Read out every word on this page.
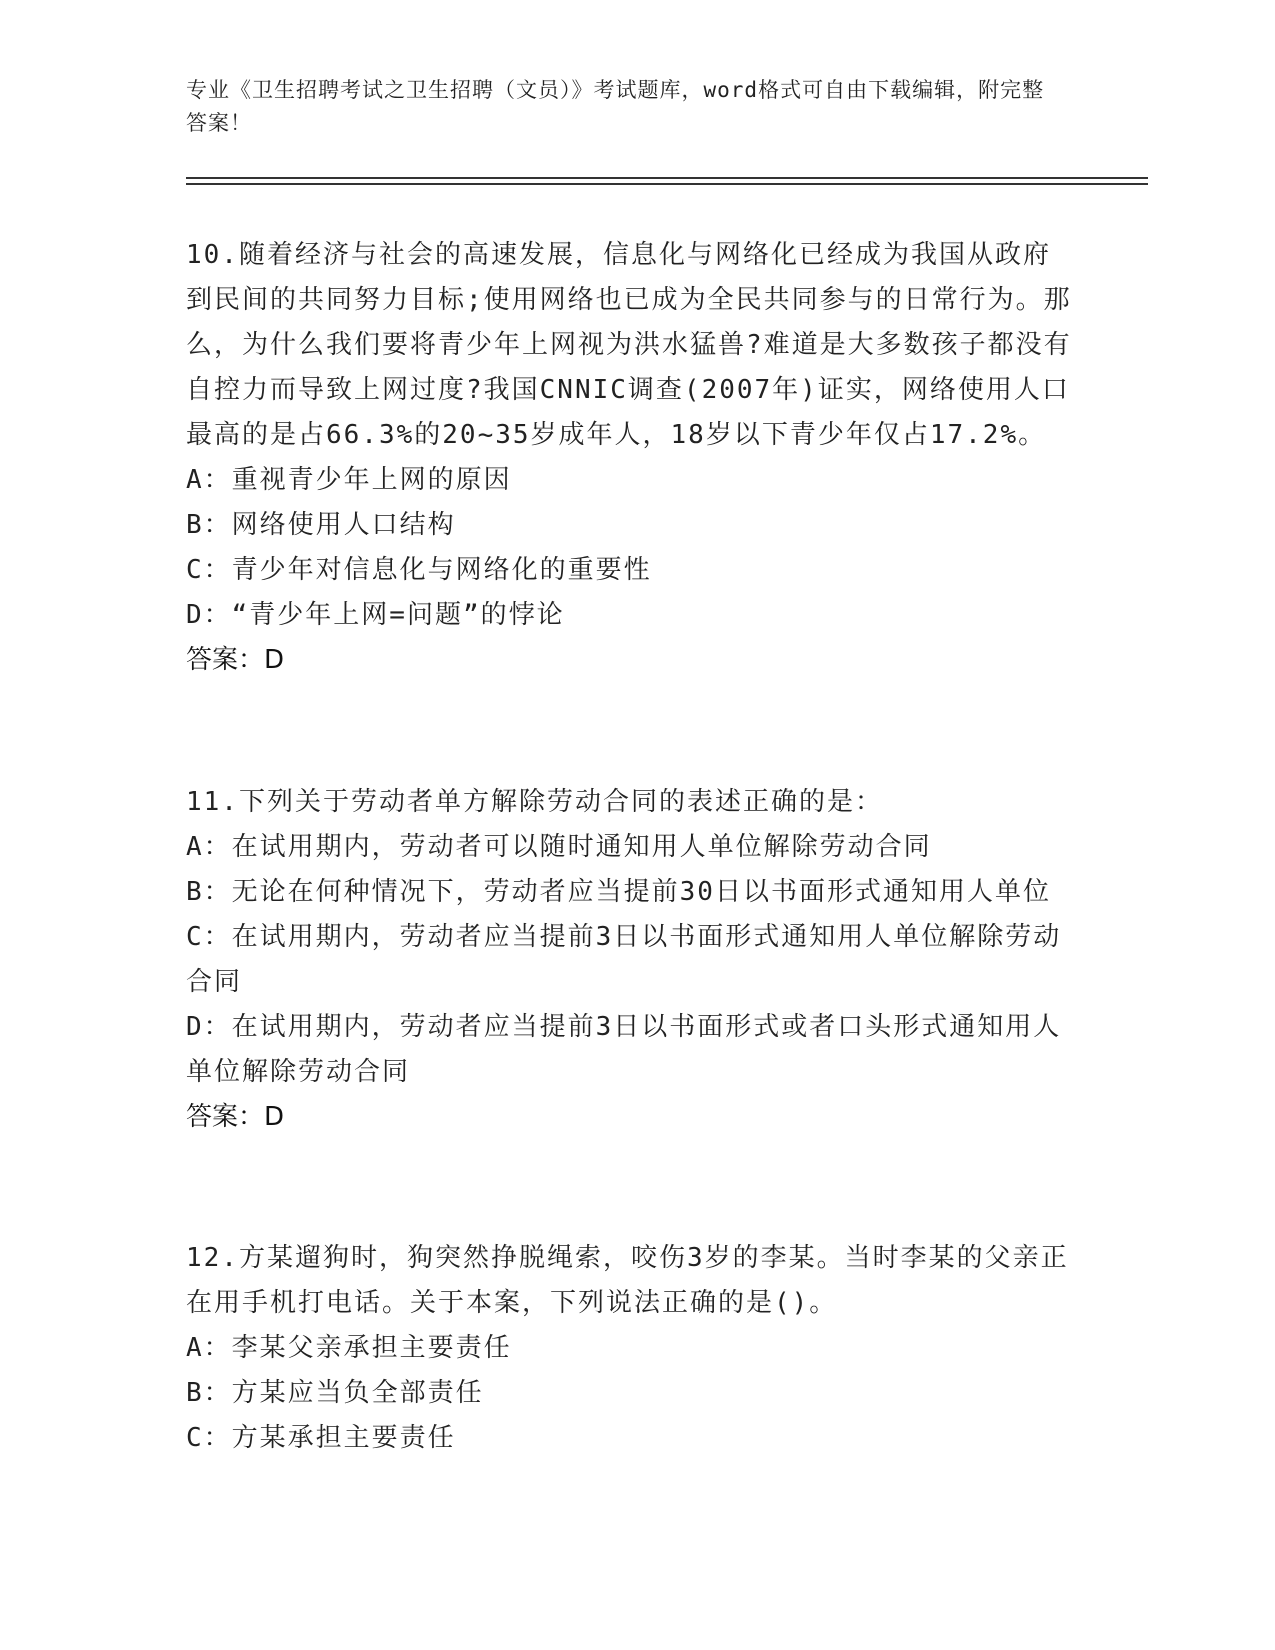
专业《卫生招聘考试之卫生招聘（文员）》考试题库，word格式可自由下载编辑，附完整答案！

10.随着经济与社会的高速发展，信息化与网络化已经成为我国从政府到民间的共同努力目标;使用网络也已成为全民共同参与的日常行为。那么，为什么我们要将青少年上网视为洪水猛兽?难道是大多数孩子都没有自控力而导致上网过度?我国CNNIC调查(2007年)证实，网络使用人口最高的是占66.3%的20~35岁成年人，18岁以下青少年仅占17.2%。

A：重视青少年上网的原因

B：网络使用人口结构

C：青少年对信息化与网络化的重要性

D：“青少年上网=问题”的悖论

答案：D

11.下列关于劳动者单方解除劳动合同的表述正确的是：

A：在试用期内，劳动者可以随时通知用人单位解除劳动合同

B：无论在何种情况下，劳动者应当提前30日以书面形式通知用人单位

C：在试用期内，劳动者应当提前3日以书面形式通知用人单位解除劳动合同

D：在试用期内，劳动者应当提前3日以书面形式或者口头形式通知用人单位解除劳动合同

答案：D

12.方某遛狗时，狗突然挣脱绳索，咬伤3岁的李某。当时李某的父亲正在用手机打电话。关于本案，下列说法正确的是()。

A：李某父亲承担主要责任

B：方某应当负全部责任

C：方某承担主要责任
